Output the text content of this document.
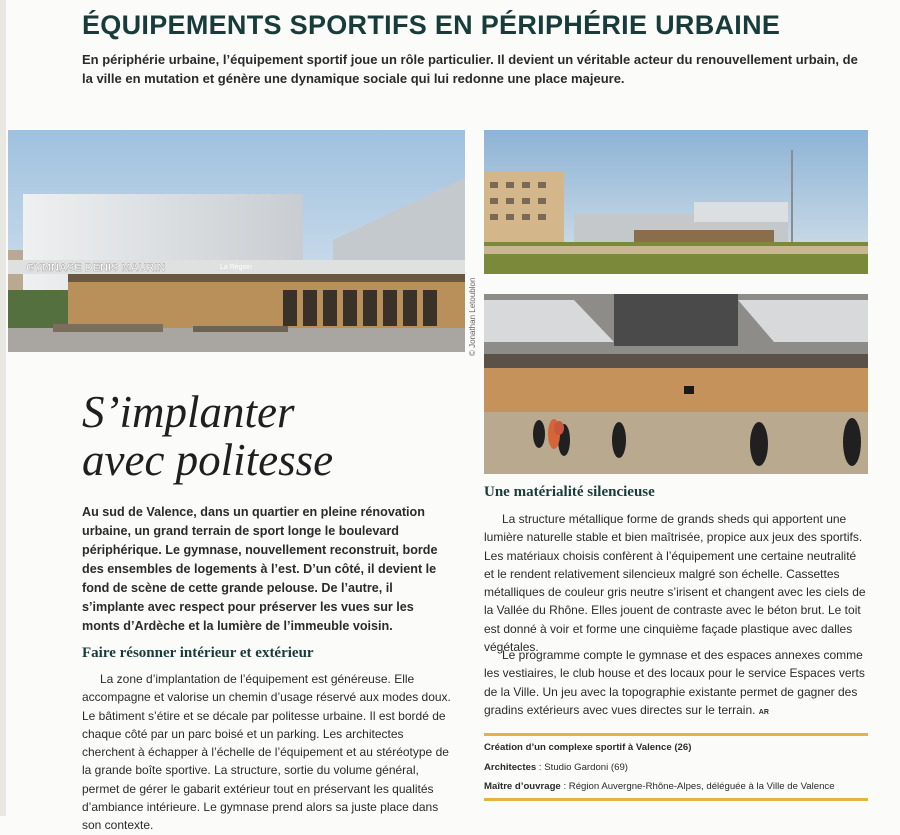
ÉQUIPEMENTS SPORTIFS EN PÉRIPHÉRIE URBAINE
En périphérie urbaine, l’équipement sportif joue un rôle particulier. Il devient un véritable acteur du renouvellement urbain, de la ville en mutation et génère une dynamique sociale qui lui redonne une place majeure.
GYMNASE DENIS MAURIN	La Région
© Jonathan Letoublon
S’implanter
avec politesse
Au sud de Valence, dans un quartier en pleine rénovation urbaine, un grand terrain de sport longe le boulevard périphérique. Le gymnase, nouvellement reconstruit, borde des ensembles de logements à l’est. D’un côté, il devient le fond de scène de cette grande pelouse. De l’autre, il s’implante avec respect pour préserver les vues sur les monts d’Ardèche et la lumière de l’immeuble voisin.
Faire résonner intérieur et extérieur

La zone d’implantation de l’équipement est généreuse. Elle accompagne et valorise un chemin d’usage réservé aux modes doux. Le bâtiment s’étire et se décale par politesse urbaine. Il est bordé de chaque côté par un parc boisé et un parking. Les architectes cherchent à échapper à l’échelle de l’équipement et au stéréotype de la grande boîte sportive. La structure, sortie du volume général, permet de gérer le gabarit extérieur tout en préservant les qualités d’ambiance intérieure. Le gymnase prend alors sa juste place dans son contexte.

Une matérialité silencieuse

La structure métallique forme de grands sheds qui apportent une lumière naturelle stable et bien maîtrisée, propice aux jeux des sportifs. Les matériaux choisis confèrent à l’équipement une certaine neutralité et le rendent relativement silencieux malgré son échelle. Cassettes métalliques de couleur gris neutre s’irisent et changent avec les ciels de la Vallée du Rhône. Elles jouent de contraste avec le béton brut. Le toit est donné à voir et forme une cinquième façade plastique avec dalles végétales.

Le programme compte le gymnase et des espaces annexes comme les vestiaires, le club house et des locaux pour le service Espaces verts de la Ville. Un jeu avec la topographie existante permet de gagner des gradins extérieurs avec vues directes sur le terrain. AR

Création d’un complexe sportif à Valence (26)
Architectes : Studio Gardoni (69)
Maître d’ouvrage : Région Auvergne-Rhône-Alpes, déléguée à la Ville de Valence
